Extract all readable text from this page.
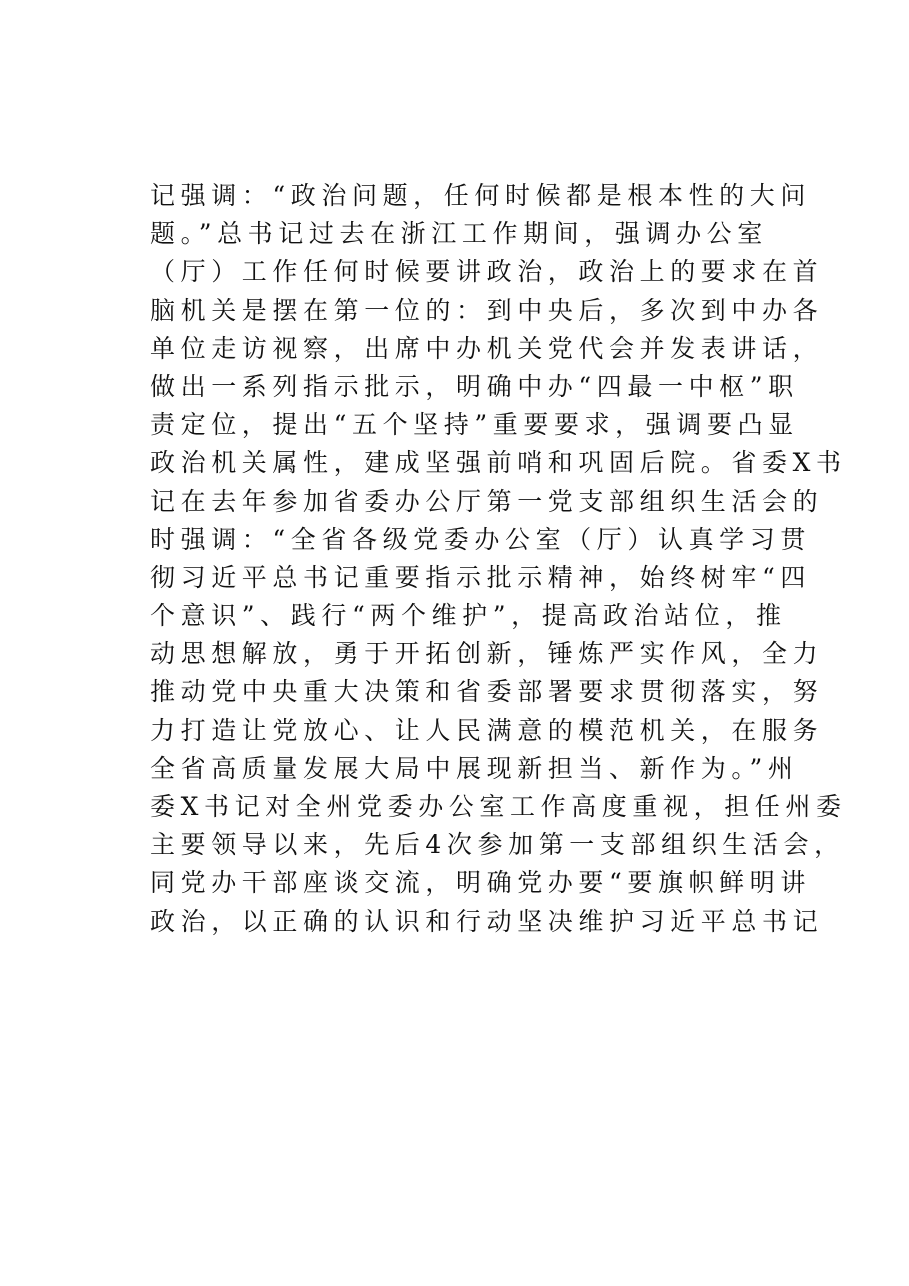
记强调：“政治问题，任何时候都是根本性的大问
题。”总书记过去在浙江工作期间，强调办公室
（厅）工作任何时候要讲政治，政治上的要求在首
脑机关是摆在第一位的：到中央后，多次到中办各
单位走访视察，出席中办机关党代会并发表讲话，
做出一系列指示批示，明确中办“四最一中枢”职
责定位，提出“五个坚持”重要要求，强调要凸显
政治机关属性，建成坚强前哨和巩固后院。省委X书
记在去年参加省委办公厅第一党支部组织生活会的
时强调：“全省各级党委办公室（厅）认真学习贯
彻习近平总书记重要指示批示精神，始终树牢“四
个意识”、践行“两个维护”，提高政治站位，推
动思想解放，勇于开拓创新，锤炼严实作风，全力
推动党中央重大决策和省委部署要求贯彻落实，努
力打造让党放心、让人民满意的模范机关，在服务
全省高质量发展大局中展现新担当、新作为。”州
委X书记对全州党委办公室工作高度重视，担任州委
主要领导以来，先后4次参加第一支部组织生活会，
同党办干部座谈交流，明确党办要“要旗帜鲜明讲
政治，以正确的认识和行动坚决维护习近平总书记
